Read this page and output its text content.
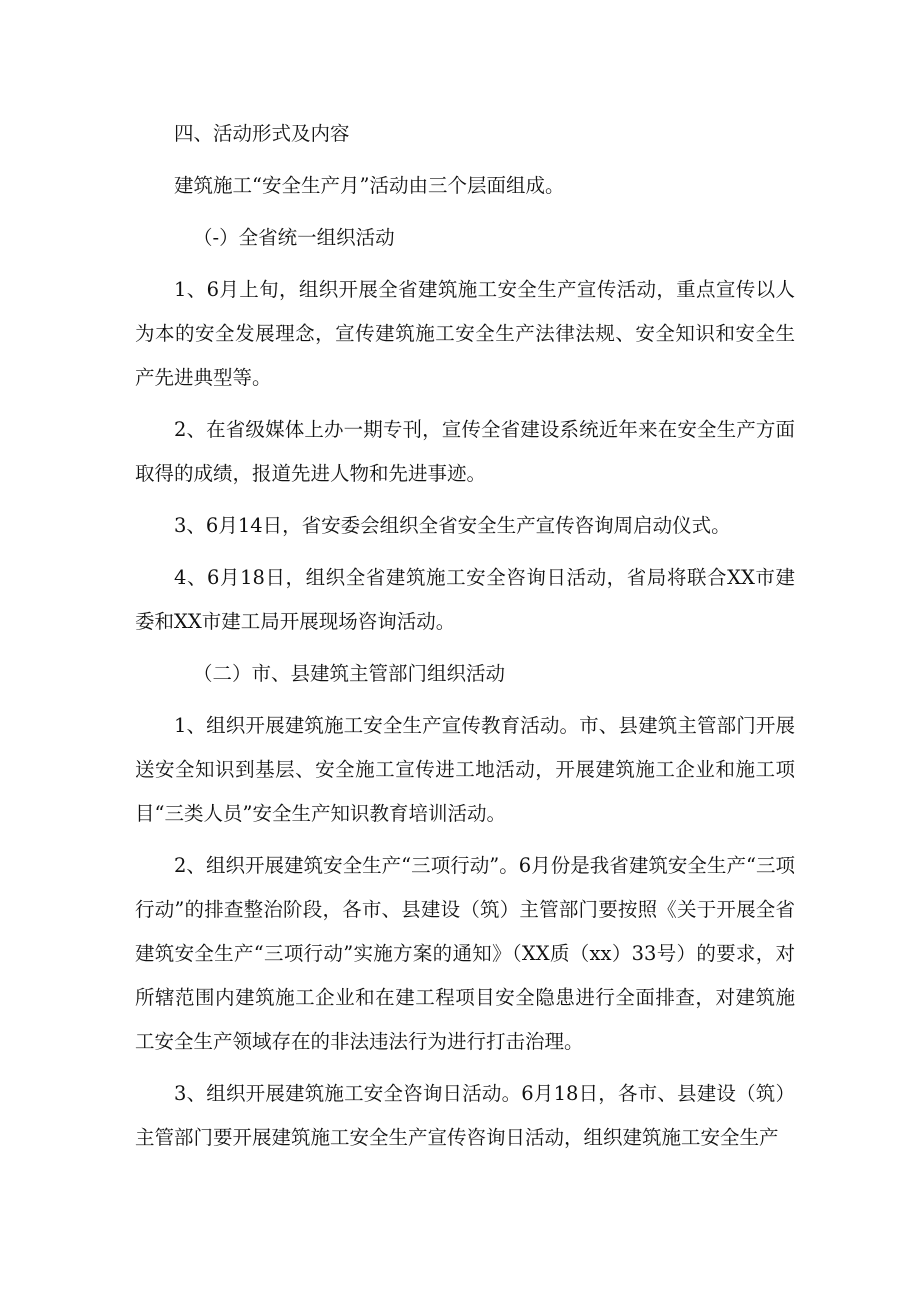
四、活动形式及内容

建筑施工“安全生产月”活动由三个层面组成。

（-）全省统一组织活动

1、6月上旬，组织开展全省建筑施工安全生产宣传活动，重点宣传以人为本的安全发展理念，宣传建筑施工安全生产法律法规、安全知识和安全生产先进典型等。

2、在省级媒体上办一期专刊，宣传全省建设系统近年来在安全生产方面取得的成绩，报道先进人物和先进事迹。

3、6月14日，省安委会组织全省安全生产宣传咨询周启动仪式。

4、6月18日，组织全省建筑施工安全咨询日活动，省局将联合XX市建委和XX市建工局开展现场咨询活动。

（二）市、县建筑主管部门组织活动

1、组织开展建筑施工安全生产宣传教育活动。市、县建筑主管部门开展送安全知识到基层、安全施工宣传进工地活动，开展建筑施工企业和施工项目“三类人员”安全生产知识教育培训活动。

2、组织开展建筑安全生产“三项行动”。6月份是我省建筑安全生产“三项行动”的排查整治阶段，各市、县建设（筑）主管部门要按照《关于开展全省建筑安全生产“三项行动”实施方案的通知》（XX质（xx）33号）的要求，对所辖范围内建筑施工企业和在建工程项目安全隐患进行全面排查，对建筑施工安全生产领域存在的非法违法行为进行打击治理。

3、组织开展建筑施工安全咨询日活动。6月18日，各市、县建设（筑）主管部门要开展建筑施工安全生产宣传咨询日活动，组织建筑施工安全生产
